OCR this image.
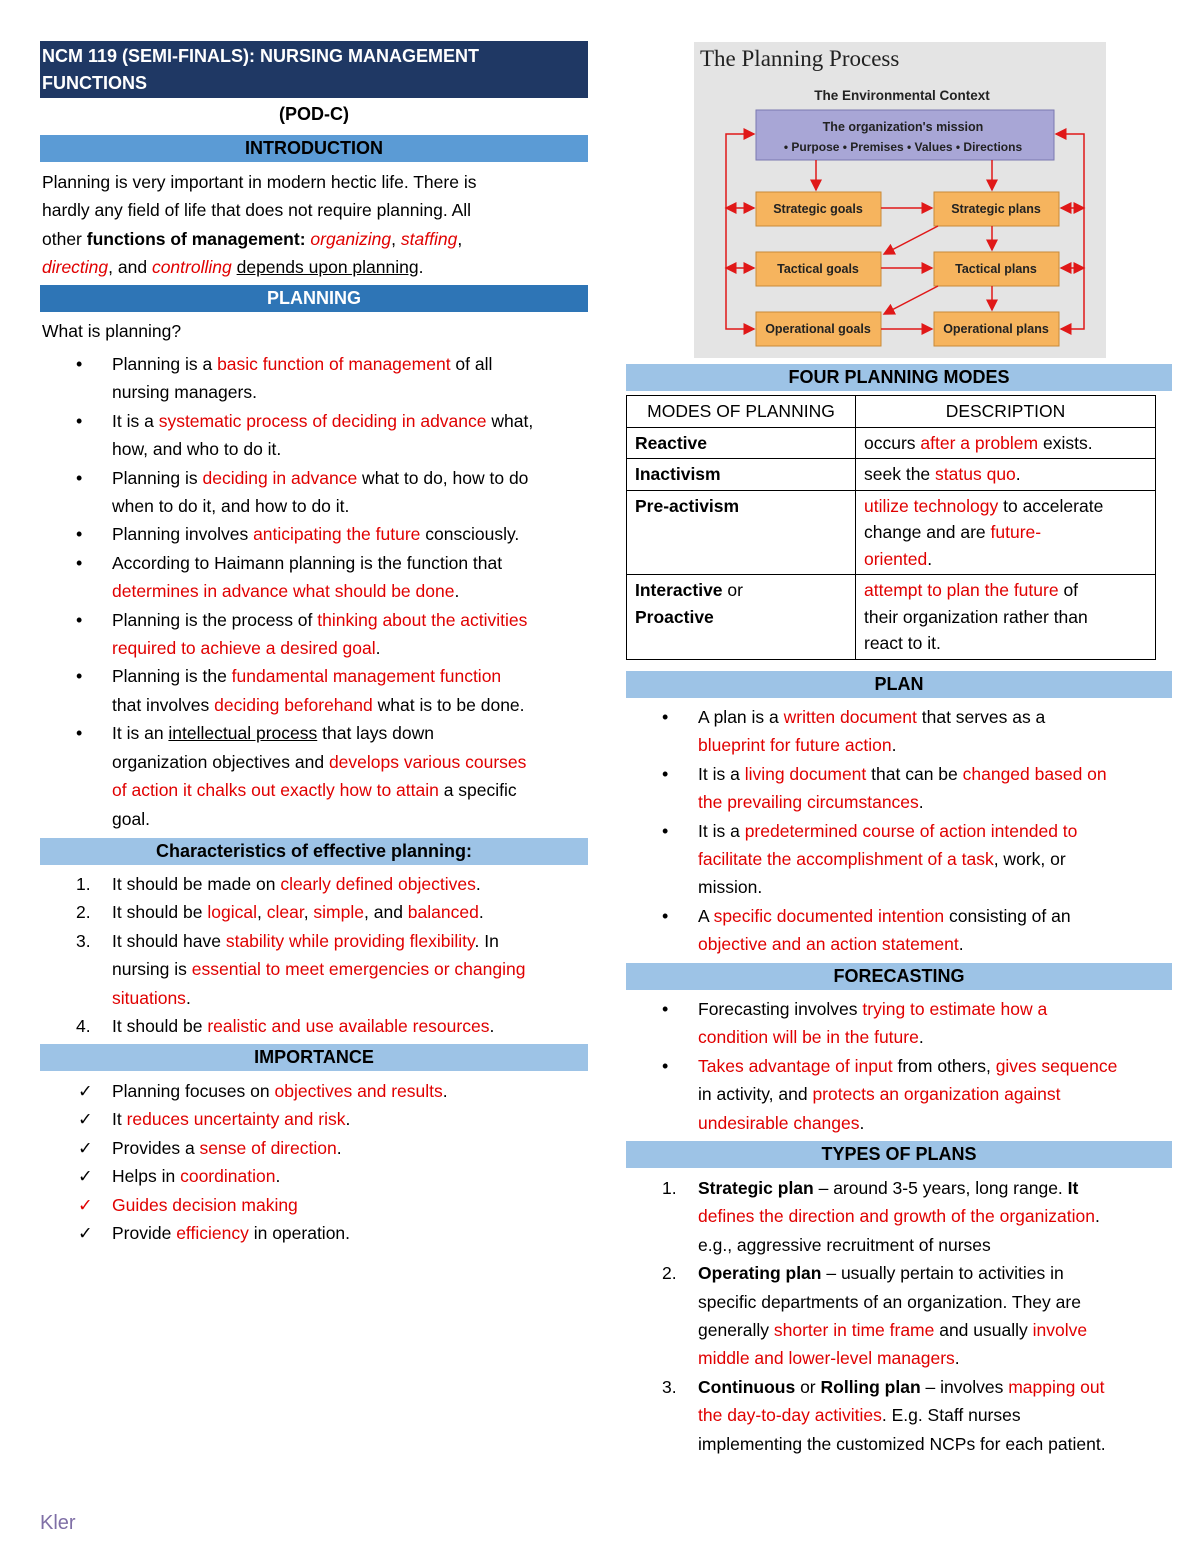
NCM 119 (SEMI-FINALS): NURSING MANAGEMENT
FUNCTIONS
(POD-C)
INTRODUCTION
Planning is very important in modern hectic life. There is
hardly any field of life that does not require planning. All
other functions of management: organizing, staffing,
directing, and controlling depends upon planning.
PLANNING
What is planning?
• Planning is a basic function of management of all
nursing managers.
• It is a systematic process of deciding in advance what,
how, and who to do it.
• Planning is deciding in advance what to do, how to do
when to do it, and how to do it.
• Planning involves anticipating the future consciously.
• According to Haimann planning is the function that
determines in advance what should be done.
• Planning is the process of thinking about the activities
required to achieve a desired goal.
• Planning is the fundamental management function
that involves deciding beforehand what is to be done.
• It is an intellectual process that lays down
organization objectives and develops various courses
of action it chalks out exactly how to attain a specific
goal.
Characteristics of effective planning:
1. It should be made on clearly defined objectives.
2. It should be logical, clear, simple, and balanced.
3. It should have stability while providing flexibility. In
nursing is essential to meet emergencies or changing
situations.
4. It should be realistic and use available resources.
IMPORTANCE
✓ Planning focuses on objectives and results.
✓ It reduces uncertainty and risk.
✓ Provides a sense of direction.
✓ Helps in coordination.
✓ Guides decision making
✓ Provide efficiency in operation.
The Planning Process
The Environmental Context
The organization's mission
• Purpose • Premises • Values • Directions
Strategic goals	Strategic plans
Tactical goals	Tactical plans
Operational goals	Operational plans
FOUR PLANNING MODES
MODES OF PLANNING	DESCRIPTION
Reactive	occurs after a problem exists.
Inactivism	seek the status quo.
Pre-activism	utilize technology to accelerate
change and are future-
oriented.
Interactive or
Proactive	attempt to plan the future of
their organization rather than
react to it.
PLAN
• A plan is a written document that serves as a
blueprint for future action.
• It is a living document that can be changed based on
the prevailing circumstances.
• It is a predetermined course of action intended to
facilitate the accomplishment of a task, work, or
mission.
• A specific documented intention consisting of an
objective and an action statement.
FORECASTING
• Forecasting involves trying to estimate how a
condition will be in the future.
• Takes advantage of input from others, gives sequence
in activity, and protects an organization against
undesirable changes.
TYPES OF PLANS
1. Strategic plan – around 3-5 years, long range. It
defines the direction and growth of the organization.
e.g., aggressive recruitment of nurses
2. Operating plan – usually pertain to activities in
specific departments of an organization. They are
generally shorter in time frame and usually involve
middle and lower-level managers.
3. Continuous or Rolling plan – involves mapping out
the day-to-day activities. E.g. Staff nurses
implementing the customized NCPs for each patient.
Kler
